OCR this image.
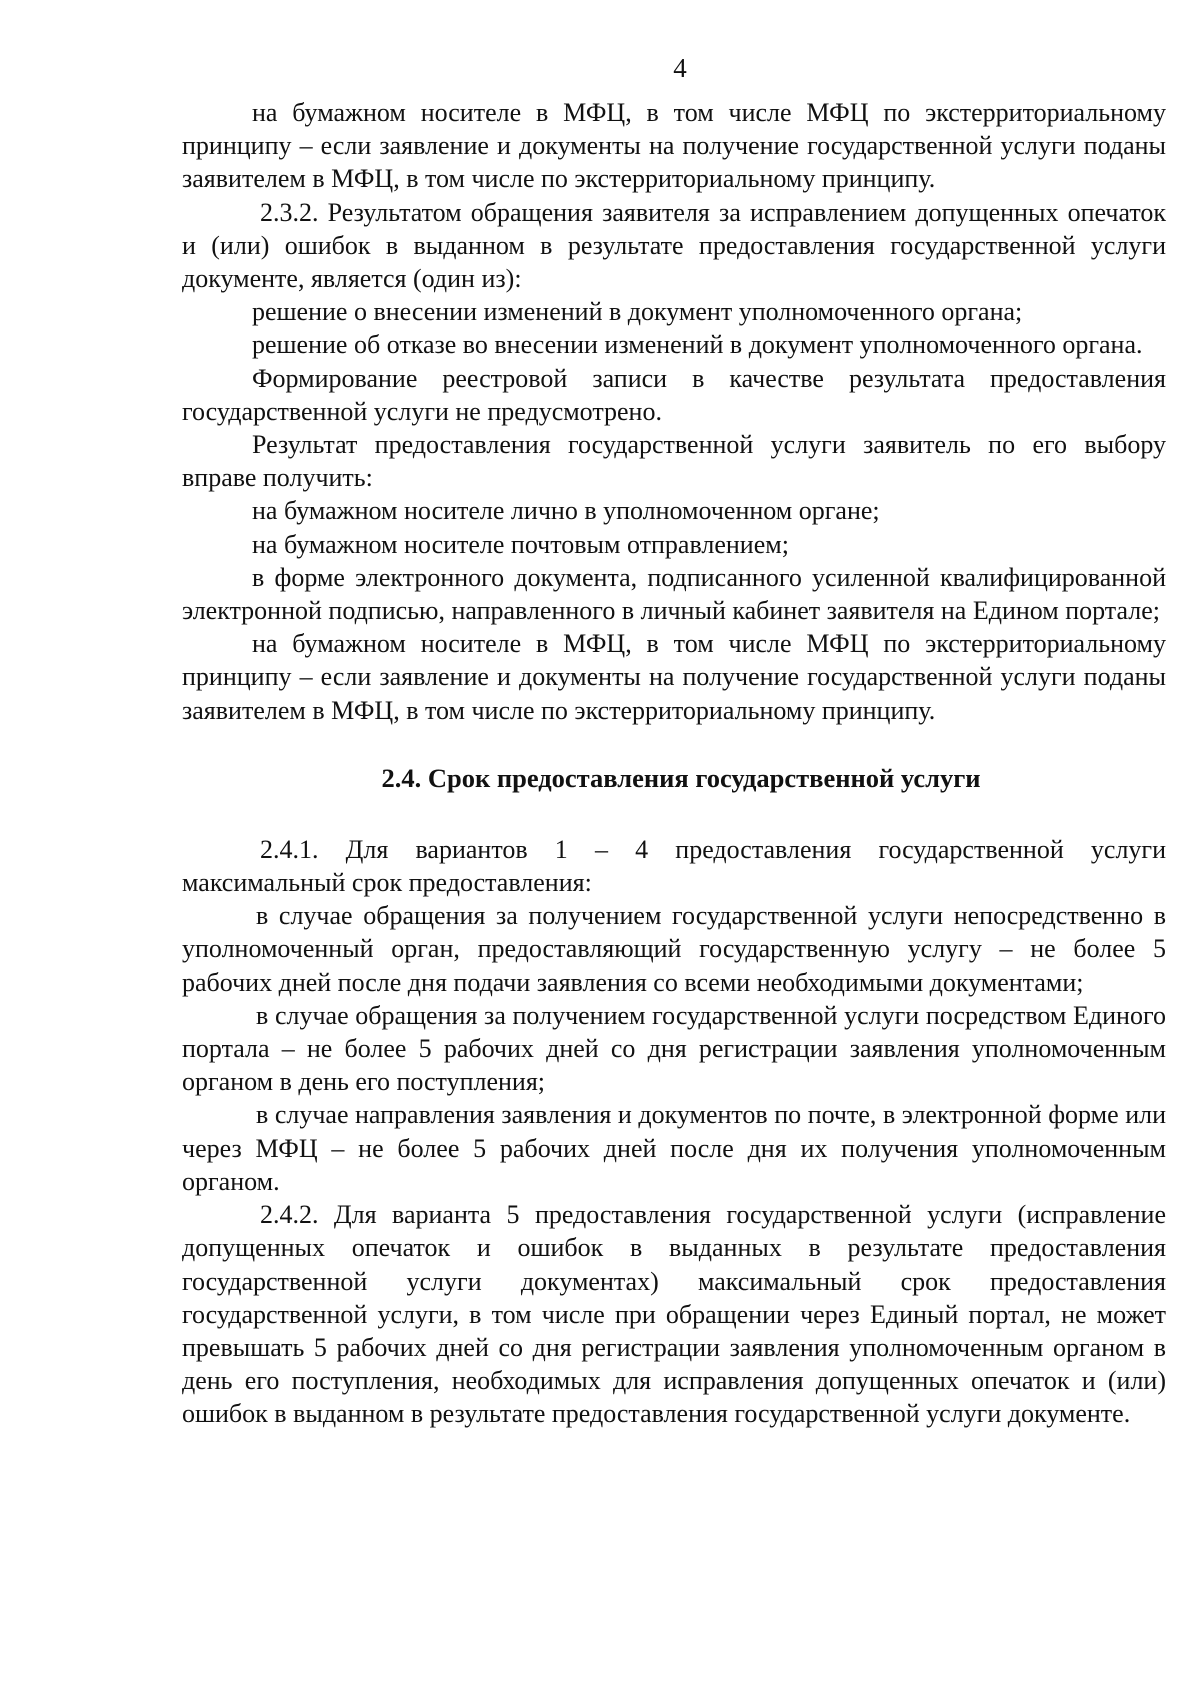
4

на бумажном носителе в МФЦ, в том числе МФЦ по экстерриториальному принципу – если заявление и документы на получение государственной услуги поданы заявителем в МФЦ, в том числе по экстерриториальному принципу.

2.3.2. Результатом обращения заявителя за исправлением допущенных опечаток и (или) ошибок в выданном в результате предоставления государственной услуги документе, является (один из):

решение о внесении изменений в документ уполномоченного органа;

решение об отказе во внесении изменений в документ уполномоченного органа.

Формирование реестровой записи в качестве результата предоставления государственной услуги не предусмотрено.

Результат предоставления государственной услуги заявитель по его выбору вправе получить:

на бумажном носителе лично в уполномоченном органе;

на бумажном носителе почтовым отправлением;

в форме электронного документа, подписанного усиленной квалифицированной электронной подписью, направленного в личный кабинет заявителя на Едином портале;

на бумажном носителе в МФЦ, в том числе МФЦ по экстерриториальному принципу – если заявление и документы на получение государственной услуги поданы заявителем в МФЦ, в том числе по экстерриториальному принципу.

2.4. Срок предоставления государственной услуги

2.4.1. Для вариантов 1 – 4 предоставления государственной услуги максимальный срок предоставления:

в случае обращения за получением государственной услуги непосредственно в уполномоченный орган, предоставляющий государственную услугу – не более 5 рабочих дней после дня подачи заявления со всеми необходимыми документами;

в случае обращения за получением государственной услуги посредством Единого портала – не более 5 рабочих дней со дня регистрации заявления уполномоченным органом в день его поступления;

в случае направления заявления и документов по почте, в электронной форме или через МФЦ – не более 5 рабочих дней после дня их получения уполномоченным органом.

2.4.2. Для варианта 5 предоставления государственной услуги (исправление допущенных опечаток и ошибок в выданных в результате предоставления государственной услуги документах) максимальный срок предоставления государственной услуги, в том числе при обращении через Единый портал, не может превышать 5 рабочих дней со дня регистрации заявления уполномоченным органом в день его поступления, необходимых для исправления допущенных опечаток и (или) ошибок в выданном в результате предоставления государственной услуги документе.
